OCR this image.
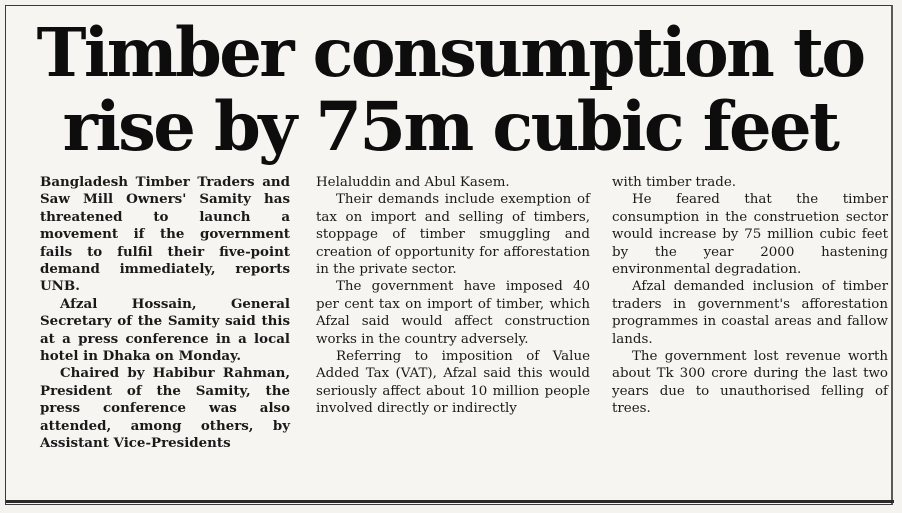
Timber consumption to
rise by 75m cubic feet

Bangladesh Timber Traders and Saw Mill Owners' Samity has threatened to launch a movement if the government fails to fulfil their five-point demand immediately, reports UNB.

Afzal Hossain, General Secretary of the Samity said this at a press conference in a local hotel in Dhaka on Monday.

Chaired by Habibur Rahman, President of the Samity, the press conference was also attended, among others, by Assistant Vice-Presidents

Helaluddin and Abul Kasem.

Their demands include exemption of tax on import and selling of timbers, stoppage of timber smuggling and creation of opportunity for afforestation in the private sector.

The government have imposed 40 per cent tax on import of timber, which Afzal said would affect construction works in the country adversely.

Referring to imposition of Value Added Tax (VAT), Afzal said this would seriously affect about 10 million people involved directly or indirectly

with timber trade.

He feared that the timber consumption in the construetion sector would increase by 75 million cubic feet by the year 2000 hastening environmental degradation.

Afzal demanded inclusion of timber traders in government's afforestation programmes in coastal areas and fallow lands.

The government lost revenue worth about Tk 300 crore during the last two years due to unauthorised felling of trees.
